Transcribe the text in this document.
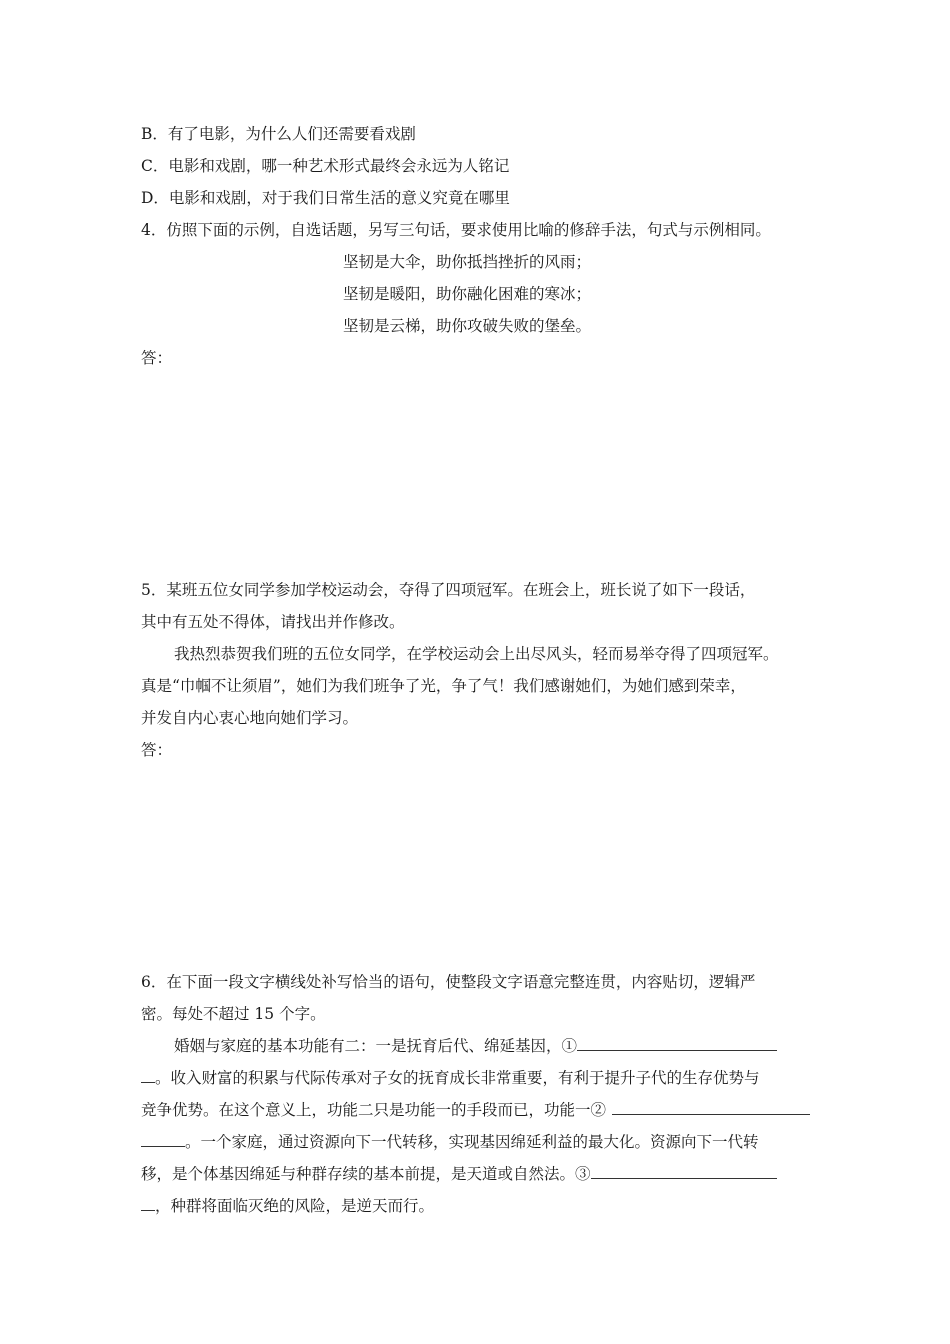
B．有了电影，为什么人们还需要看戏剧
C．电影和戏剧，哪一种艺术形式最终会永远为人铭记
D．电影和戏剧，对于我们日常生活的意义究竟在哪里
4．仿照下面的示例，自选话题，另写三句话，要求使用比喻的修辞手法，句式与示例相同。
坚韧是大伞，助你抵挡挫折的风雨；
坚韧是暖阳，助你融化困难的寒冰；
坚韧是云梯，助你攻破失败的堡垒。
答：
5．某班五位女同学参加学校运动会，夺得了四项冠军。在班会上，班长说了如下一段话，
其中有五处不得体，请找出并作修改。
我热烈恭贺我们班的五位女同学，在学校运动会上出尽风头，轻而易举夺得了四项冠军。
真是“巾帼不让须眉”，她们为我们班争了光，争了气！我们感谢她们，为她们感到荣幸，
并发自内心衷心地向她们学习。
答：
6．在下面一段文字横线处补写恰当的语句，使整段文字语意完整连贯，内容贴切，逻辑严
密。每处不超过 15 个字。
婚姻与家庭的基本功能有二：一是抚育后代、绵延基因，①
。收入财富的积累与代际传承对子女的抚育成长非常重要，有利于提升子代的生存优势与
竞争优势。在这个意义上，功能二只是功能一的手段而已，功能一②
。一个家庭，通过资源向下一代转移，实现基因绵延利益的最大化。资源向下一代转
移，是个体基因绵延与种群存续的基本前提，是天道或自然法。③
，种群将面临灭绝的风险，是逆天而行。
